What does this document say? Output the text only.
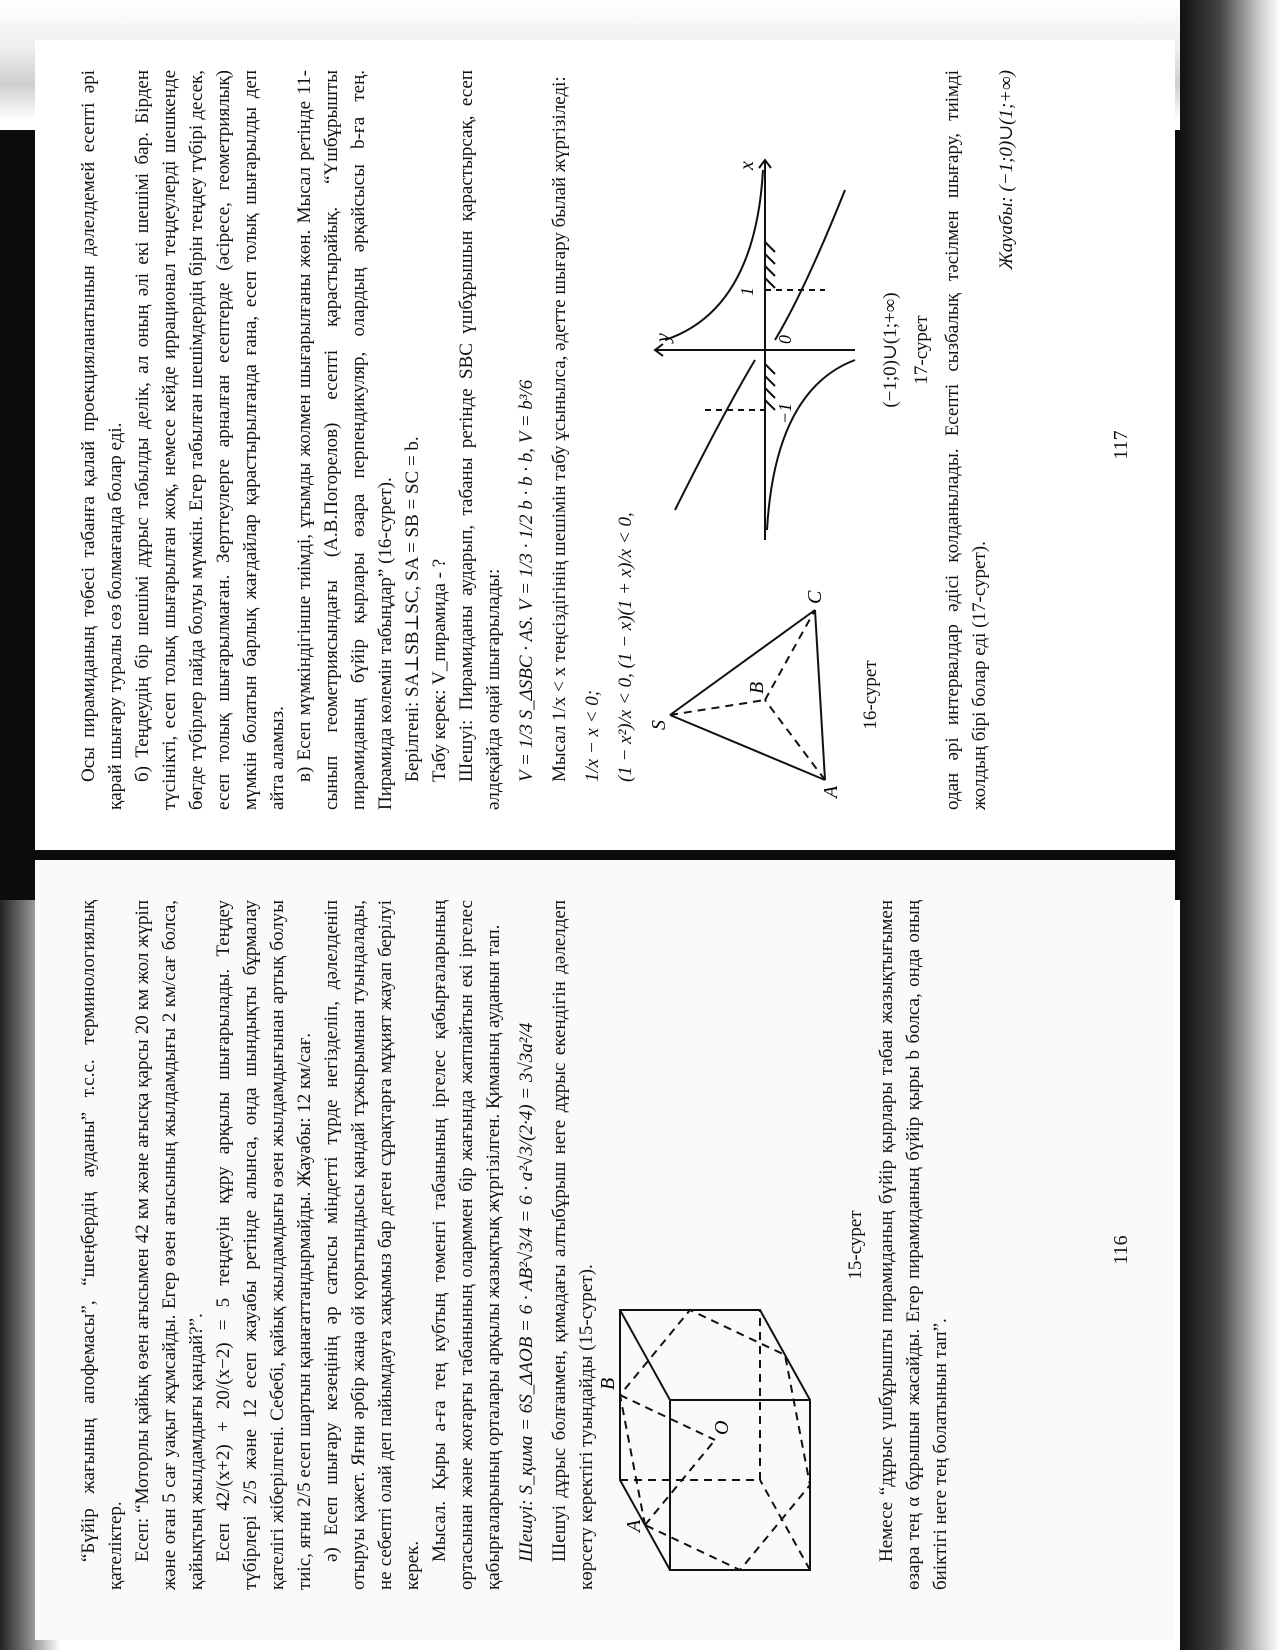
“Бүйір жағының апофемасы”, “шеңбердің ауданы” т.с.с. терминологиялық қателіктер. Есеп: “Моторлы қайық өзен ағысымен 42 км және ағысқа қарсы 20 км жол жүріп және оған 5 сағ уақыт жұмсайды. Егер өзен ағысының жылдамдығы 2 км/сағ болса, қайықтың жылдамдығы қандай?”. Есеп 42/(x+2) + 20/(x−2) = 5 теңдеуін құру арқылы шығарылады. Теңдеу түбірлері 2/5 және 12 есеп жауабы ретінде алынса, онда шындықты бұрмалау қателігі жіберілгені. Себебі, қайық жылдамдығы өзен жылдамдығынан артық болуы тиіс, яғни 2/5 есеп шартын қанағаттандырмайды. Жауабы: 12 км/сағ. ә) Есеп шығару кезеңінің әр сатысы міндетті түрде негізделіп, дәлелденіп отыруы қажет. Яғни әрбір жаңа ой қорытындысы қандай тұжырымнан туындалады, не себепті олай деп пайымдауға хақымыз бар деген сұрақтарға мұқият жауап берілуі керек.

Мысал. Қыры a-ға тең кубтың төменгі табанының іргелес қабырғаларының ортасынан және жоғарғы табанының оларммен бір жағында жатпайтын екі іргелес қабырғаларының орталары арқылы жазықтық жүргізілген. Қиманың ауданын тап. Шешуі: S_қима = 6S_ΔAOB = 6 · AB²√3/4 = 6 · a²√3/(2·4) = 3√3a²/4 Шешуі дұрыс болғанмен, қимадағы алтыбұрыш неге дұрыс екендігін дәлелдеп көрсету керектігі туындайды (15-сурет). A
B
O
15-сурет Немесе “дұрыс үшбұрышты пирамиданың бүйір қырлары табан жазықтығымен өзара тең α бұрышын жасайды. Егер пирамиданың бүйір қыры b болса, онда оның биіктігі неге тең болатынын тап”.

116

Осы пирамиданың төбесі табанға қалай проекцияланатынын дәлелдемей есепті әрі қарай шығару туралы сөз болмағанда болар еді. б) Теңдеудің бір шешімі дұрыс табылды делік, ал оның әлі екі шешімі бар. Бірден түсінікті, есеп толық шығарылған жоқ, немесе кейде иррационал теңдеулерді шешкенде бөгде түбірлер пайда болуы мүмкін. Егер табылған шешімдердің бірін теңдеу түбірі десек, есеп толық шығарылмаған. Зерттеулерге арналған есептерде (әсіресе, геометриялық) мүмкін болатын барлық жағдайлар қарастырылғанда ғана, есеп толық шығарылды деп айта аламыз. в) Есеп мүмкіндігінше тиімді, ұтымды жолмен шығарылғаны жөн. Мысал ретінде 11-сынып геометриясындағы (А.В.Погорелов) есепті қарастырайық. “Үшбұрышты пирамиданың бүйір қырлары өзара перпендикуляр, олардың әрқайсысы b-ға тең. Пирамида көлемін табыңдар” (16-сурет). Берілгені: SA⊥SB⊥SC, SA = SB = SC = b. Табу керек: V_пирамида - ? Шешуі: Пирамиданы аударып, табаны ретінде SBC үшбұрышын қарастырсақ, есеп әлдеқайда оңай шығарылады: V = 1/3 S_ΔSBC · AS. V = 1/3 · 1/2 b · b · b, V = b³/6 Мысал 1/x < x теңсіздігінің шешімін табу ұсынылса, әдетте шығару былай жүргізіледі: 1/x − x < 0; (1 − x²)/x < 0, (1 − x)(1 + x)/x < 0, S
A
B
C
16-сурет
y
x
−1
0
1
(−1;0)∪(1;+∞) 17-сурет одан әрі интервалдар әдісі қолданылады. Есепті сызбалық тәсілмен шығару, тиімді жолдың бірі болар еді (17-сурет).

Жауабы: (−1;0)∪(1;+∞)

117
